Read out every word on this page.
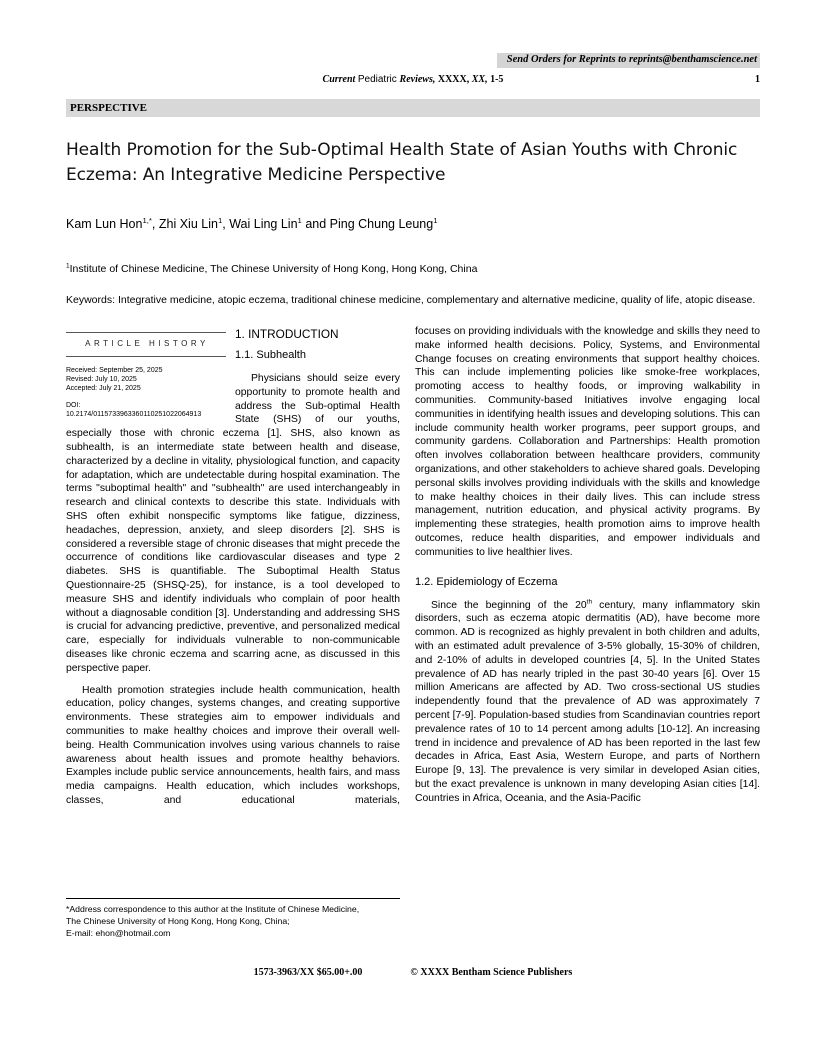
Send Orders for Reprints to reprints@benthamscience.net
Current Pediatric Reviews, XXXX, XX, 1-5	1
PERSPECTIVE
Health Promotion for the Sub-Optimal Health State of Asian Youths with Chronic Eczema: An Integrative Medicine Perspective
Kam Lun Hon$^{1,*}$, Zhi Xiu Lin$^1$, Wai Ling Lin$^1$ and Ping Chung Leung$^1$
$^1$Institute of Chinese Medicine, The Chinese University of Hong Kong, Hong Kong, China
Keywords: Integrative medicine, atopic eczema, traditional chinese medicine, complementary and alternative medicine, quality of life, atopic disease.
ARTICLE HISTORY
Received: September 25, 2025
Revised: July 10, 2025
Accepted: July 21, 2025
DOI:
10.2174/0115733963360110251022064913
1. INTRODUCTION
1.1. Subhealth

Physicians should seize every opportunity to promote health and address the Sub-optimal Health State (SHS) of our youths, especially those with chronic eczema [1]. SHS, also known as subhealth, is an intermediate state between health and disease, characterized by a decline in vitality, physiological function, and capacity for adaptation, which are undetectable during hospital examination. The terms "suboptimal health" and "subhealth" are used interchangeably in research and clinical contexts to describe this state. Individuals with SHS often exhibit nonspecific symptoms like fatigue, dizziness, headaches, depression, anxiety, and sleep disorders [2]. SHS is considered a reversible stage of chronic diseases that might precede the occurrence of conditions like cardiovascular diseases and type 2 diabetes. SHS is quantifiable. The Suboptimal Health Status Questionnaire-25 (SHSQ-25), for instance, is a tool developed to measure SHS and identify individuals who complain of poor health without a diagnosable condition [3]. Understanding and addressing SHS is crucial for advancing predictive, preventive, and personalized medical care, especially for individuals vulnerable to non-communicable diseases like chronic eczema and scarring acne, as discussed in this perspective paper.

Health promotion strategies include health communication, health education, policy changes, systems changes, and creating supportive environments. These strategies aim to empower individuals and communities to make healthy choices and improve their overall well-being. Health Communication involves using various channels to raise awareness about health issues and promote healthy behaviors. Examples include public service announcements, health fairs, and mass media campaigns. Health education, which includes workshops, classes, and educational materials,

*Address correspondence to this author at the Institute of Chinese Medicine,
The Chinese University of Hong Kong, Hong Kong, China;
E-mail: ehon@hotmail.com

focuses on providing individuals with the knowledge and skills they need to make informed health decisions. Policy, Systems, and Environmental Change focuses on creating environments that support healthy choices. This can include implementing policies like smoke-free workplaces, promoting access to healthy foods, or improving walkability in communities. Community-based Initiatives involve engaging local communities in identifying health issues and developing solutions. This can include community health worker programs, peer support groups, and community gardens. Collaboration and Partnerships: Health promotion often involves collaboration between healthcare providers, community organizations, and other stakeholders to achieve shared goals. Developing personal skills involves providing individuals with the skills and knowledge to make healthy choices in their daily lives. This can include stress management, nutrition education, and physical activity programs. By implementing these strategies, health promotion aims to improve health outcomes, reduce health disparities, and empower individuals and communities to live healthier lives.

1.2. Epidemiology of Eczema

Since the beginning of the 20th century, many inflammatory skin disorders, such as eczema atopic dermatitis (AD), have become more common. AD is recognized as highly prevalent in both children and adults, with an estimated adult prevalence of 3-5% globally, 15-30% of children, and 2-10% of adults in developed countries [4, 5]. In the United States prevalence of AD has nearly tripled in the past 30-40 years [6]. Over 15 million Americans are affected by AD. Two cross-sectional US studies independently found that the prevalence of AD was approximately 7 percent [7-9]. Population-based studies from Scandinavian countries report prevalence rates of 10 to 14 percent among adults [10-12]. An increasing trend in incidence and prevalence of AD has been reported in the last few decades in Africa, East Asia, Western Europe, and parts of Northern Europe [9, 13]. The prevalence is very similar in developed Asian cities, but the exact prevalence is unknown in many developing Asian cities [14]. Countries in Africa, Oceania, and the Asia-Pacific

1573-3963/XX $65.00+.00	© XXXX Bentham Science Publishers
